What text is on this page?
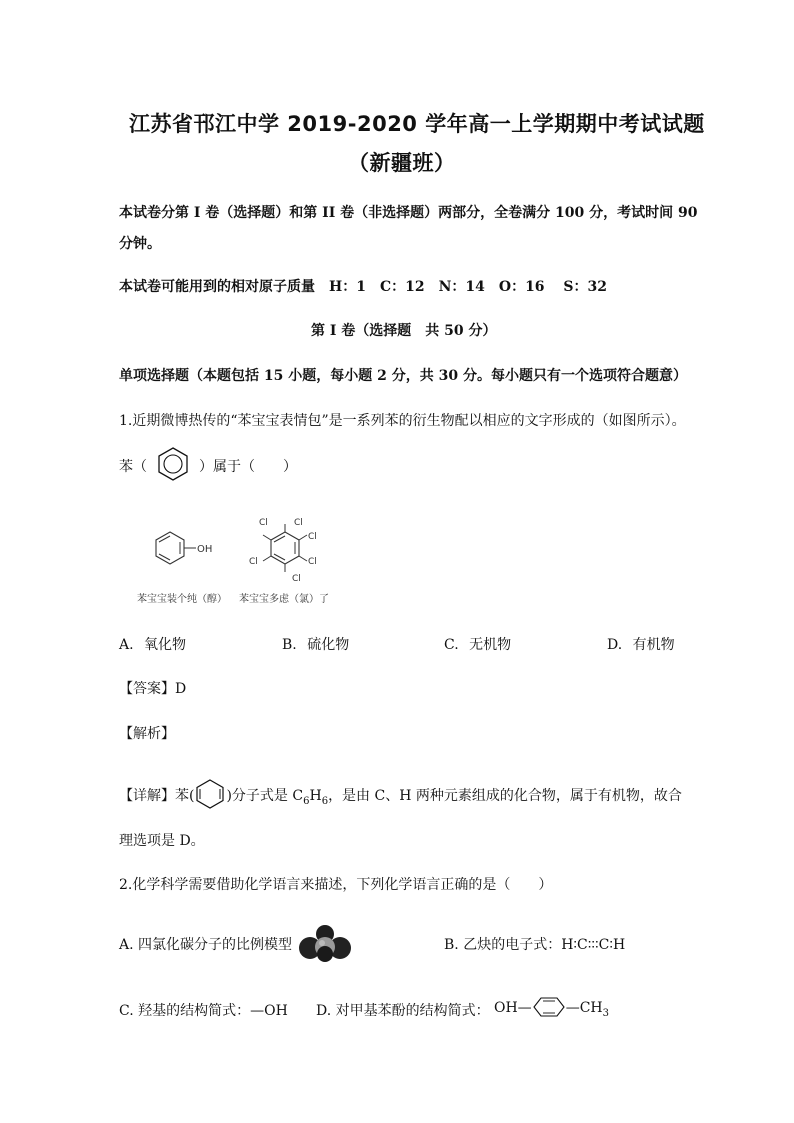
江苏省邗江中学 2019-2020 学年高一上学期期中考试试题
（新疆班）
本试卷分第 I 卷（选择题）和第 II 卷（非选择题）两部分，全卷满分 100 分，考试时间 90
分钟。
本试卷可能用到的相对原子质量　H：1　C：12　N：14　O：16　 S：32
第 I 卷（选择题　共 50 分）
单项选择题（本题包括 15 小题，每小题 2 分，共 30 分。每小题只有一个选项符合题意）
1.近期微博热传的“苯宝宝表情包”是一系列苯的衍生物配以相应的文字形成的（如图所示）。
苯（	）属于（　　）
OH
Cl	Cl
Cl
Cl
Cl
Cl
苯宝宝装个纯（醇） 苯宝宝多虑（氯）了
A. 氧化物	B. 硫化物	C. 无机物	D. 有机物
【答案】D
【解析】
【详解】苯( )分子式是 $C_6H_6$，是由 C、H 两种元素组成的化合物，属于有机物，故合
理选项是 D。
2.化学科学需要借助化学语言来描述，下列化学语言正确的是（　　）
A. 四氯化碳分子的比例模型	B. 乙炔的电子式：H∶C∶∶∶C∶H
C. 羟基的结构简式：—OH D. 对甲基苯酚的结构简式： OH— $—CH_3$
